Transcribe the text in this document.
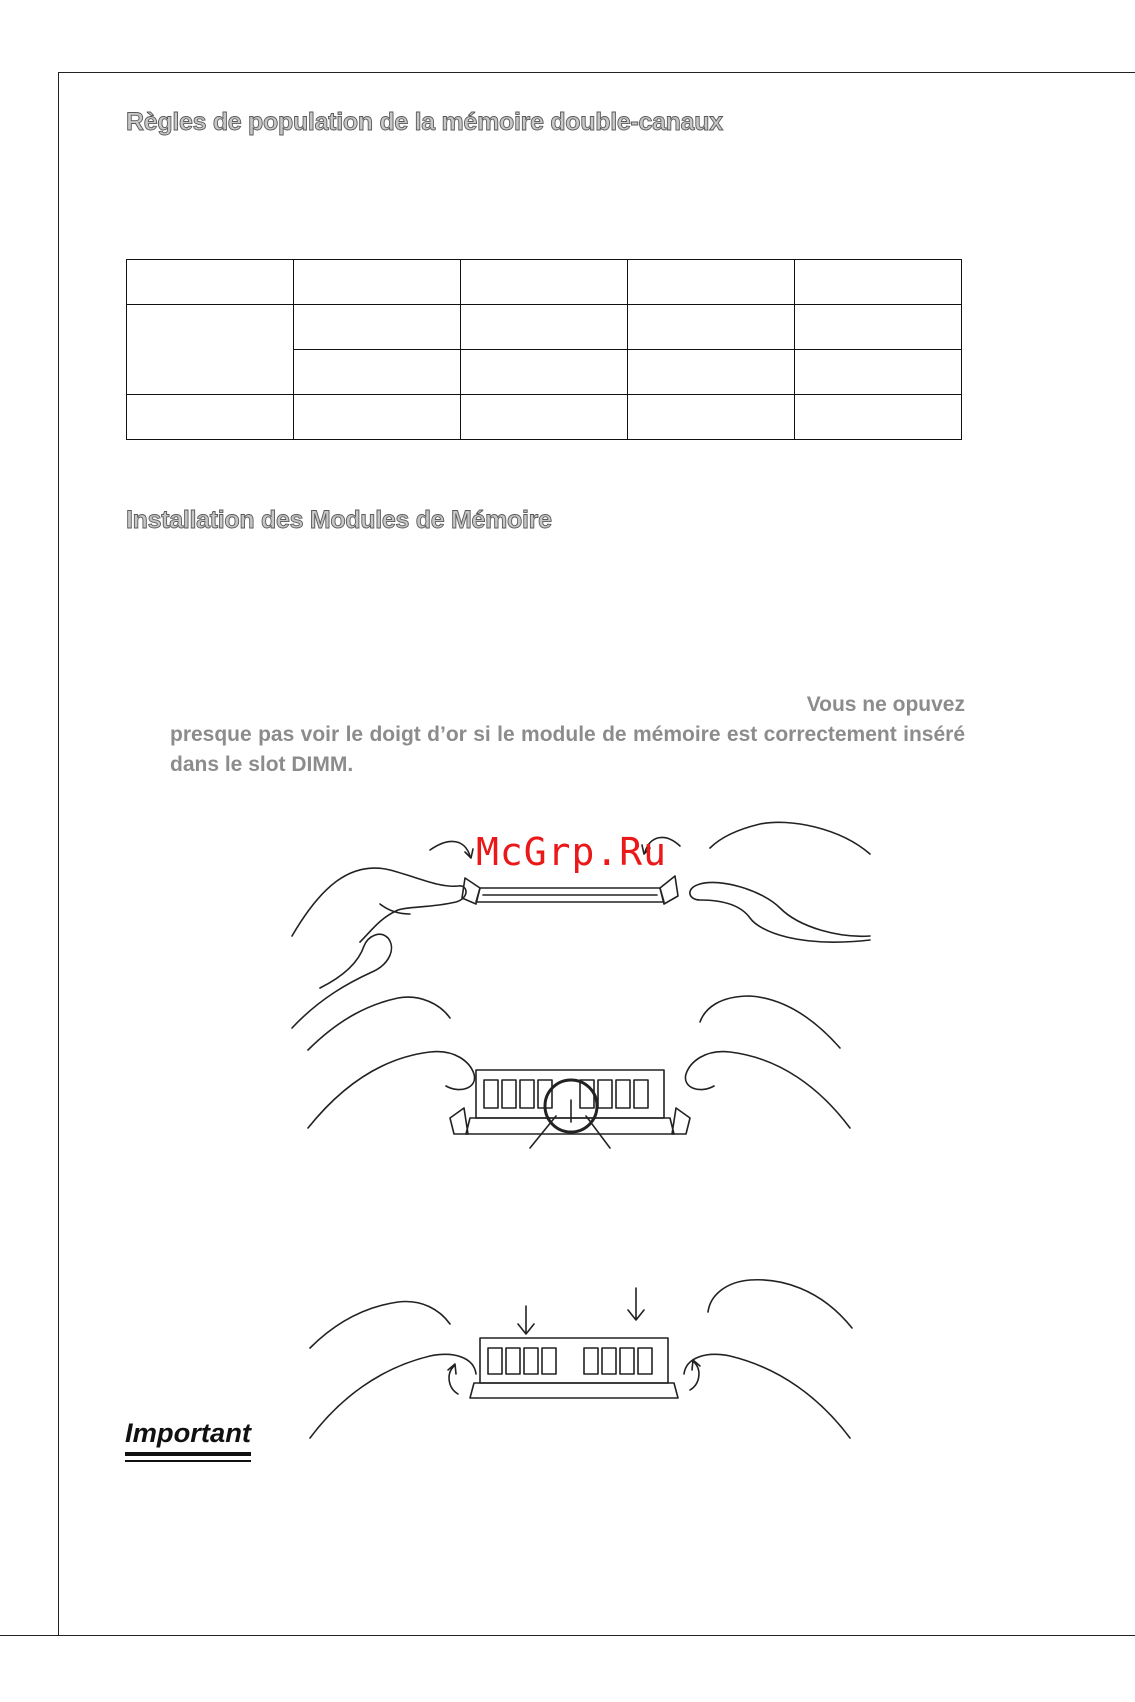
Règles de population de la mémoire double-canaux

Installation des Modules de Mémoire
Vous ne opuvez
presque pas voir le doigt d’or si le module de mémoire est correctement inséré dans le slot DIMM.
McGrp.Ru
Important
